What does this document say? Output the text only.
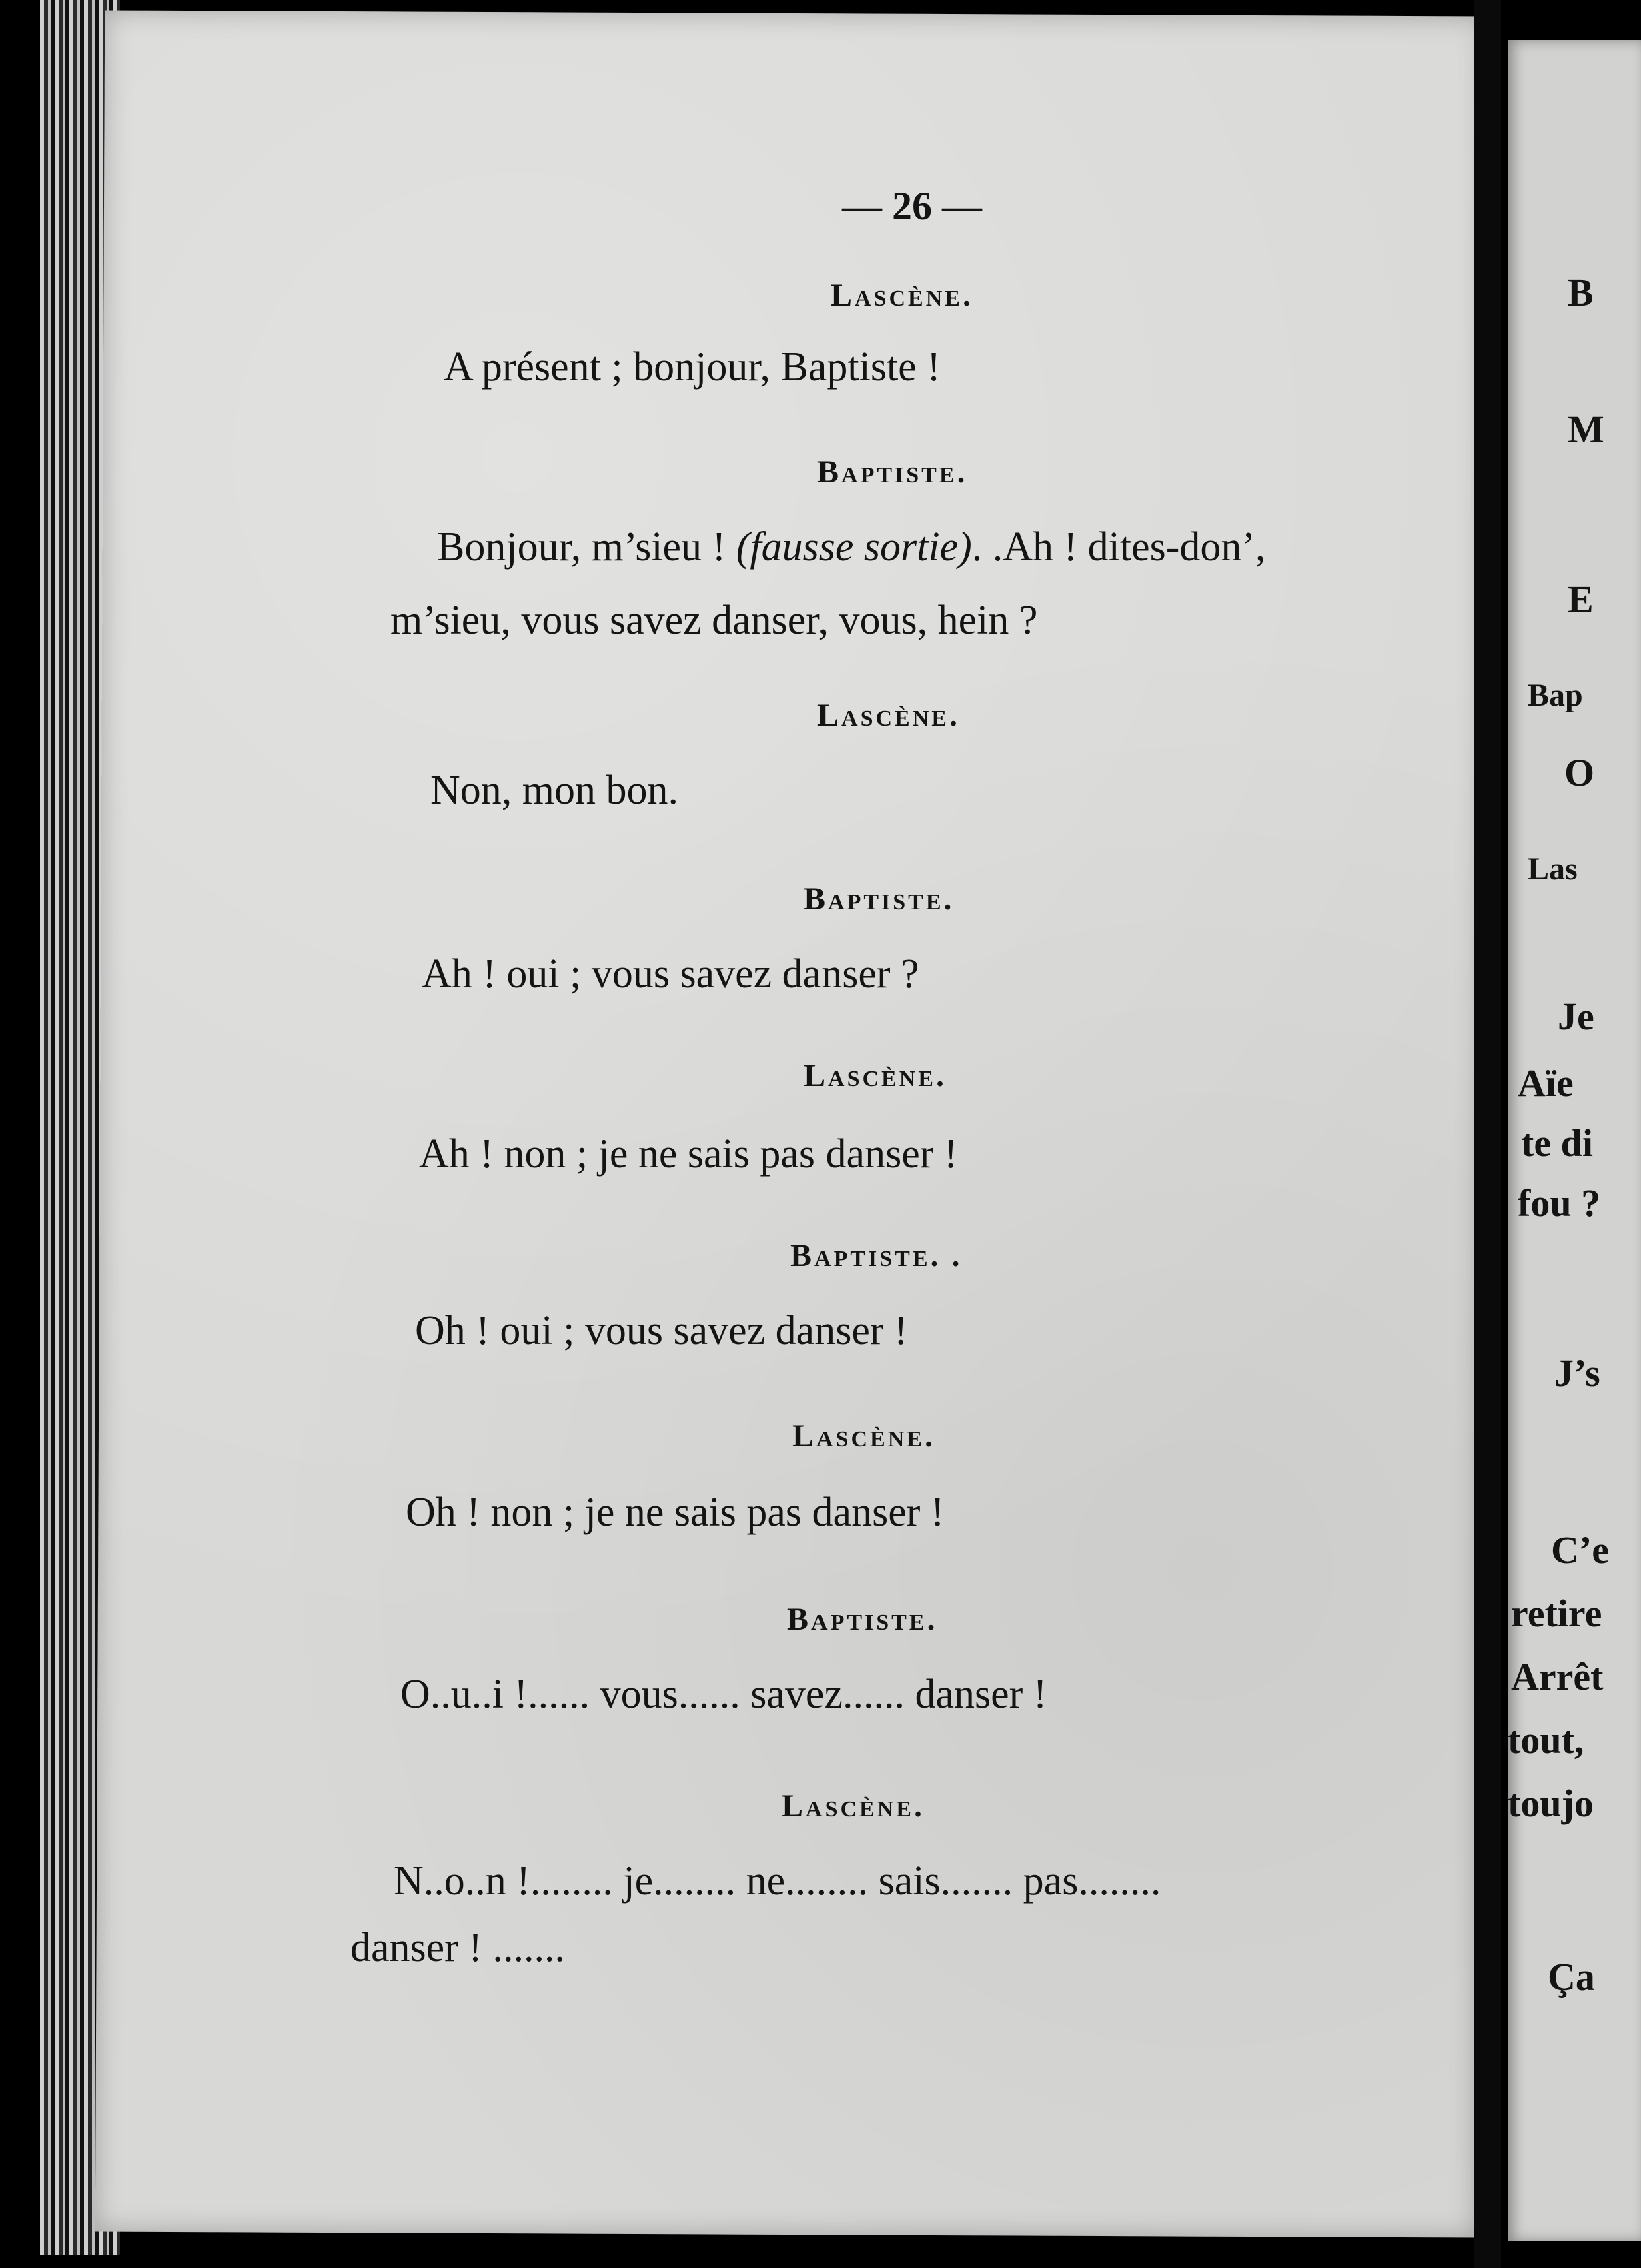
— 26 —
Lascène.
A présent ; bonjour, Baptiste !
Baptiste.
Bonjour, m’sieu ! (fausse sortie). .Ah ! dites-don’,
m’sieu, vous savez danser, vous, hein ?
Lascène.
Non, mon bon.
Baptiste.
Ah ! oui ; vous savez danser ?
Lascène.
Ah ! non ; je ne sais pas danser !
Baptiste. .
Oh ! oui ; vous savez danser !
Lascène.
Oh ! non ; je ne sais pas danser !
Baptiste.
O..u..i !...... vous...... savez...... danser !
Lascène.
N..o..n !........ je........ ne........ sais....... pas........
danser ! .......
B
M
E
Bap
O
Las
Je
Aïe
te di
fou ?
J’s
C’e
retire
Arrêt
tout,
toujo
Ça
